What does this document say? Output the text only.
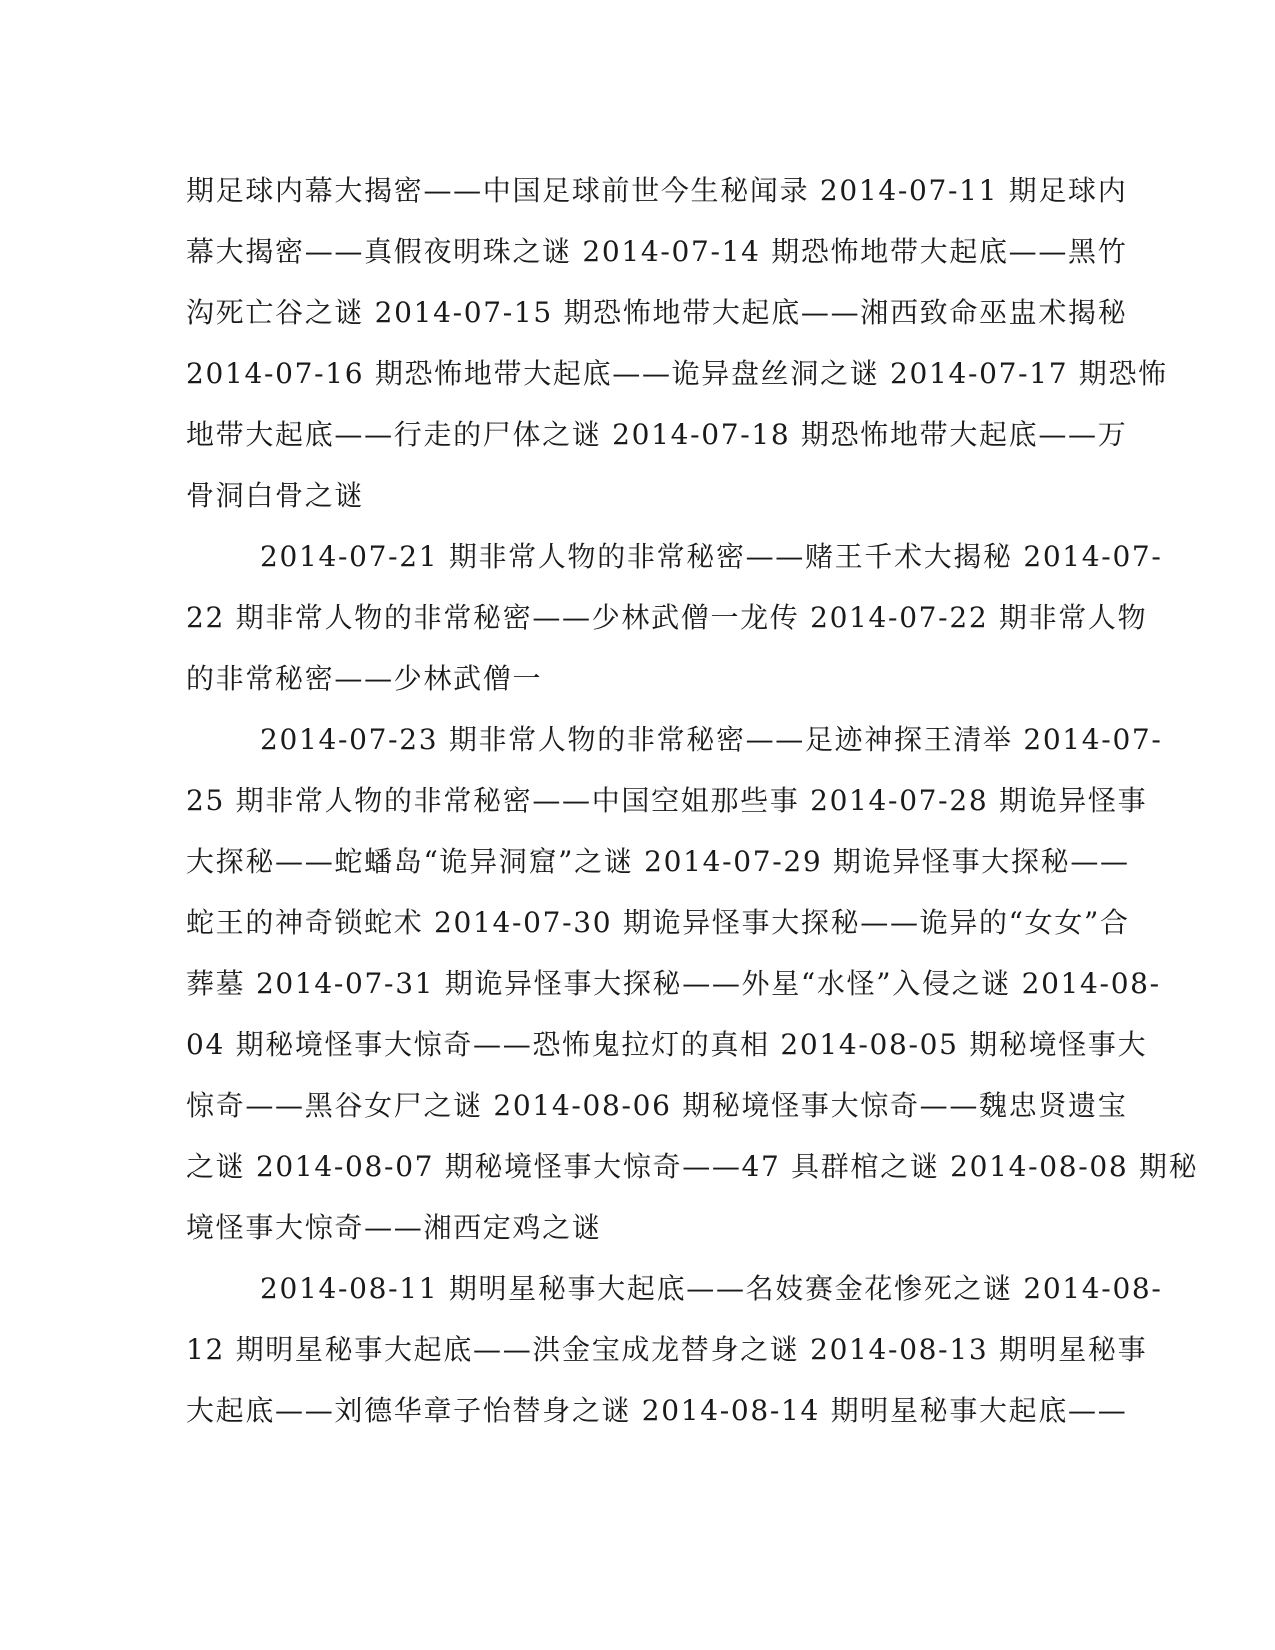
期足球内幕大揭密——中国足球前世今生秘闻录 2014-07-11 期足球内
幕大揭密——真假夜明珠之谜 2014-07-14 期恐怖地带大起底——黑竹
沟死亡谷之谜 2014-07-15 期恐怖地带大起底——湘西致命巫盅术揭秘
2014-07-16 期恐怖地带大起底——诡异盘丝洞之谜 2014-07-17 期恐怖
地带大起底——行走的尸体之谜 2014-07-18 期恐怖地带大起底——万
骨洞白骨之谜
2014-07-21 期非常人物的非常秘密——赌王千术大揭秘 2014-07-
22 期非常人物的非常秘密——少林武僧一龙传 2014-07-22 期非常人物
的非常秘密——少林武僧一
2014-07-23 期非常人物的非常秘密——足迹神探王清举 2014-07-
25 期非常人物的非常秘密——中国空姐那些事 2014-07-28 期诡异怪事
大探秘——蛇蟠岛“诡异洞窟”之谜 2014-07-29 期诡异怪事大探秘——
蛇王的神奇锁蛇术 2014-07-30 期诡异怪事大探秘——诡异的“女女”合
葬墓 2014-07-31 期诡异怪事大探秘——外星“水怪”入侵之谜 2014-08-
04 期秘境怪事大惊奇——恐怖鬼拉灯的真相 2014-08-05 期秘境怪事大
惊奇——黑谷女尸之谜 2014-08-06 期秘境怪事大惊奇——魏忠贤遗宝
之谜 2014-08-07 期秘境怪事大惊奇——47 具群棺之谜 2014-08-08 期秘
境怪事大惊奇——湘西定鸡之谜
2014-08-11 期明星秘事大起底——名妓赛金花惨死之谜 2014-08-
12 期明星秘事大起底——洪金宝成龙替身之谜 2014-08-13 期明星秘事
大起底——刘德华章子怡替身之谜 2014-08-14 期明星秘事大起底——
